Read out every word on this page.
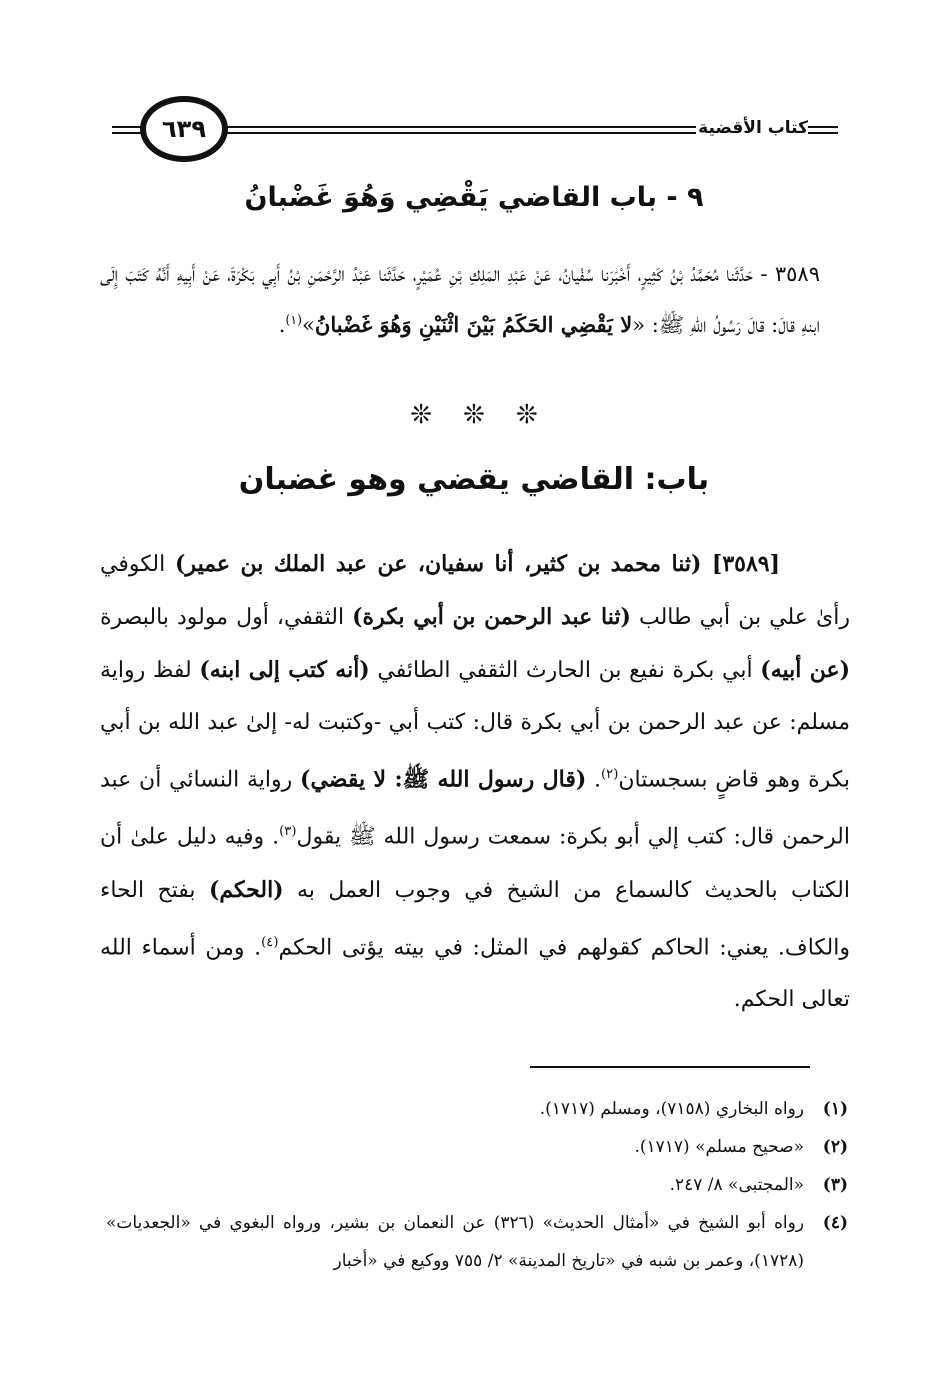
٦٣٩	كتاب الأقضية
٩ - باب القاضي يَقْضِي وَهُوَ غَضْبانُ
٣٥٨٩ - حَدَّثَنا مُحَمَّدُ بْنُ كَثِيرٍ، أَخْبَرَنا سُفْيانُ، عَنْ عَبْدِ المَلِكِ بْنِ عُمَيْرٍ، حَدَّثَنا عَبْدُ الرَّحْمَنِ بْنُ أَبِي بَكْرَةَ، عَنْ أَبِيهِ أَنَّهُ كَتَبَ إِلَى ابنهِ قالَ: قالَ رَسُولُ اللهِ ﷺ: «لا يَقْضِي الحَكَمُ بَيْنَ اثْنَيْنِ وَهُوَ غَضْبانُ»$^{(١)}$.
❊ ❊ ❊
باب: القاضي يقضي وهو غضبان

[٣٥٨٩] (ثنا محمد بن كثير، أنا سفيان، عن عبد الملك بن عمير) الكوفي رأىٰ علي بن أبي طالب (ثنا عبد الرحمن بن أبي بكرة) الثقفي، أول مولود بالبصرة (عن أبيه) أبي بكرة نفيع بن الحارث الثقفي الطائفي (أنه كتب إلى ابنه) لفظ رواية مسلم: عن عبد الرحمن بن أبي بكرة قال: كتب أبي -وكتبت له- إلىٰ عبد الله بن أبي بكرة وهو قاضٍ بسجستان$^{(٢)}$. (قال رسول الله ﷺ: لا يقضي) رواية النسائي أن عبد الرحمن قال: كتب إلي أبو بكرة: سمعت رسول الله ﷺ يقول$^{(٣)}$. وفيه دليل علىٰ أن الكتاب بالحديث كالسماع من الشيخ في وجوب العمل به (الحكم) بفتح الحاء والكاف. يعني: الحاكم كقولهم في المثل: في بيته يؤتى الحكم$^{(٤)}$. ومن أسماء الله تعالى الحكم.

(١)
رواه البخاري (٧١٥٨)، ومسلم (١٧١٧).
(٢)
«صحيح مسلم» (١٧١٧).
(٣)
«المجتبى» ٨/ ٢٤٧.
(٤)
رواه أبو الشيخ في «أمثال الحديث» (٣٢٦) عن النعمان بن بشير، ورواه البغوي في «الجعديات» (١٧٢٨)، وعمر بن شبه في «تاريخ المدينة» ٢/ ٧٥٥ ووكيع في «أخبار
